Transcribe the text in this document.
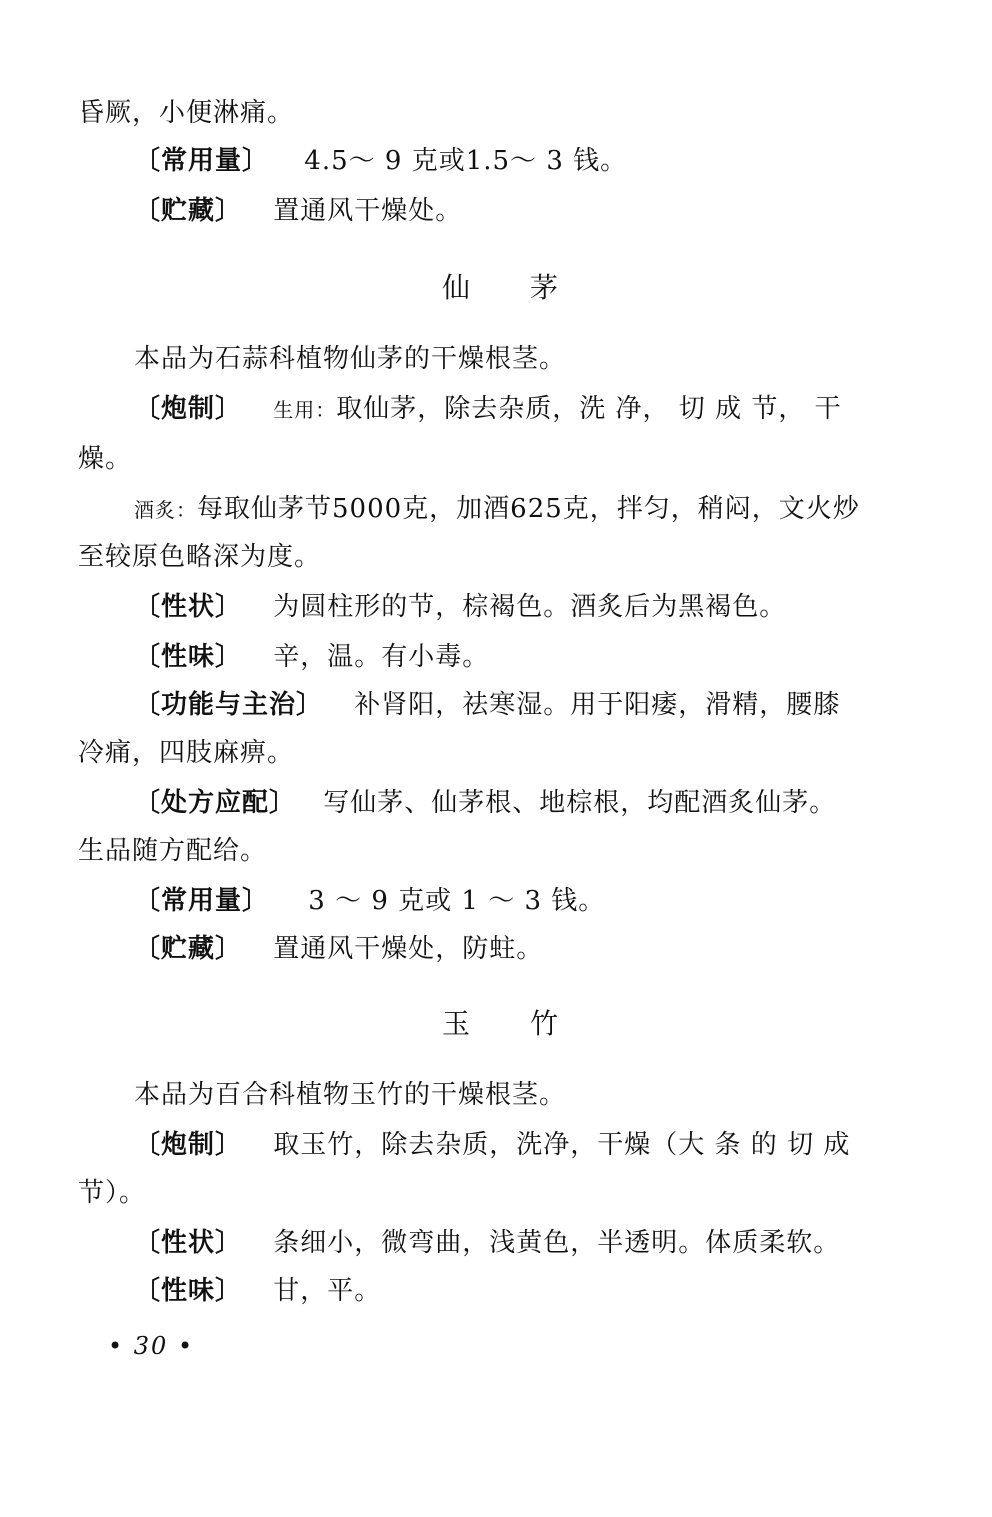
昏厥，小便淋痛。
〔常用量〕 4.5～ 9 克或1.5～ 3 钱。
〔贮藏〕 置通风干燥处。
仙茅
本品为石蒜科植物仙茅的干燥根茎。
〔炮制〕 生用：取仙茅，除去杂质，洗 净， 切 成 节， 干
燥。
酒炙：每取仙茅节5000克，加酒625克，拌匀，稍闷，文火炒
至较原色略深为度。
〔性状〕 为圆柱形的节，棕褐色。酒炙后为黑褐色。
〔性味〕 辛，温。有小毒。
〔功能与主治〕 补肾阳，祛寒湿。用于阳痿，滑精，腰膝
冷痛，四肢麻痹。
〔处方应配〕 写仙茅、仙茅根、地棕根，均配酒炙仙茅。
生品随方配给。
〔常用量〕 3 ～ 9 克或 1 ～ 3 钱。
〔贮藏〕 置通风干燥处，防蛀。
玉竹
本品为百合科植物玉竹的干燥根茎。
〔炮制〕 取玉竹，除去杂质，洗净，干燥（大 条 的 切 成
节）。
〔性状〕 条细小，微弯曲，浅黄色，半透明。体质柔软。
〔性味〕 甘，平。
• 30 •
